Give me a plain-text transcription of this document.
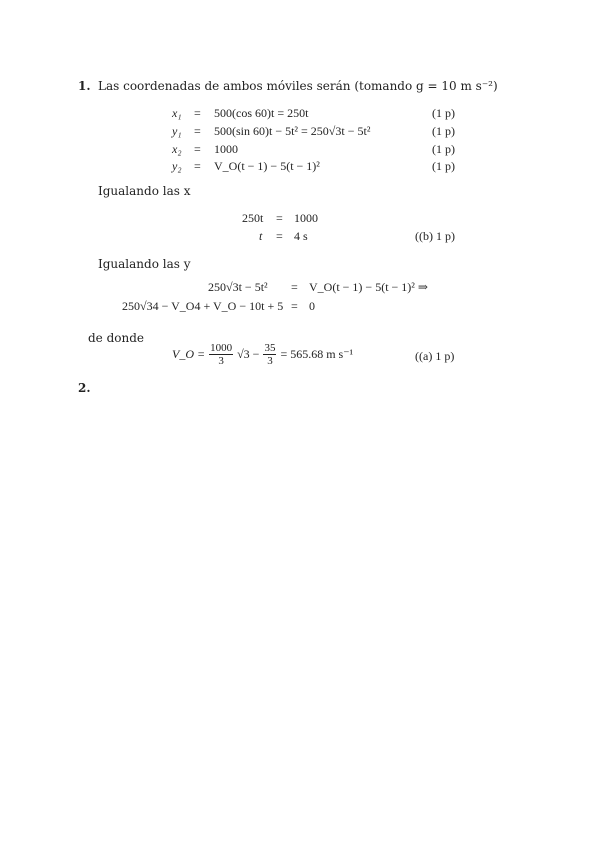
1. Las coordenadas de ambos móviles serán (tomando g = 10 m s⁻²)
x₁ = 500(cos 60)t = 250t	(1 p)
y₁ = 500(sin 60)t − 5t² = 250√3t − 5t²	(1 p)
x₂ = 1000	(1 p)
y₂ = V_O(t − 1) − 5(t − 1)²	(1 p)
Igualando las x
250t = 1000
t = 4 s	((b) 1 p)
Igualando las y
250√3t − 5t² = V_O(t − 1) − 5(t − 1)² ⇒
250√34 − V_O4 + V_O − 10t + 5 = 0
de donde
V_O = $\frac{1000}{3} √3 - \frac{35}{3} = 565.68$ m s⁻¹	((a) 1 p)
2.
